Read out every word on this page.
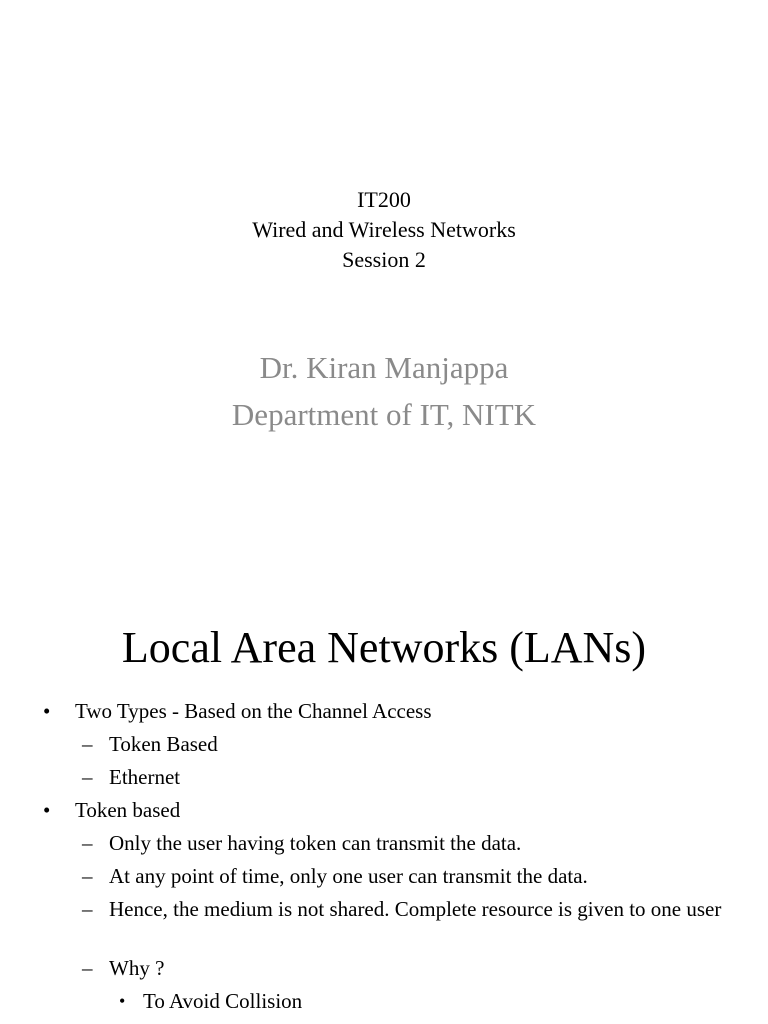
IT200
Wired and Wireless Networks
Session 2
Dr. Kiran Manjappa
Department of IT, NITK
Local Area Networks (LANs)
• Two Types - Based on the Channel Access
– Token Based
– Ethernet
• Token based
– Only the user having token can transmit the data.
– At any point of time, only one user can transmit the data.
– Hence, the medium is not shared. Complete resource is given to one user
– Why ?
• To Avoid Collision
